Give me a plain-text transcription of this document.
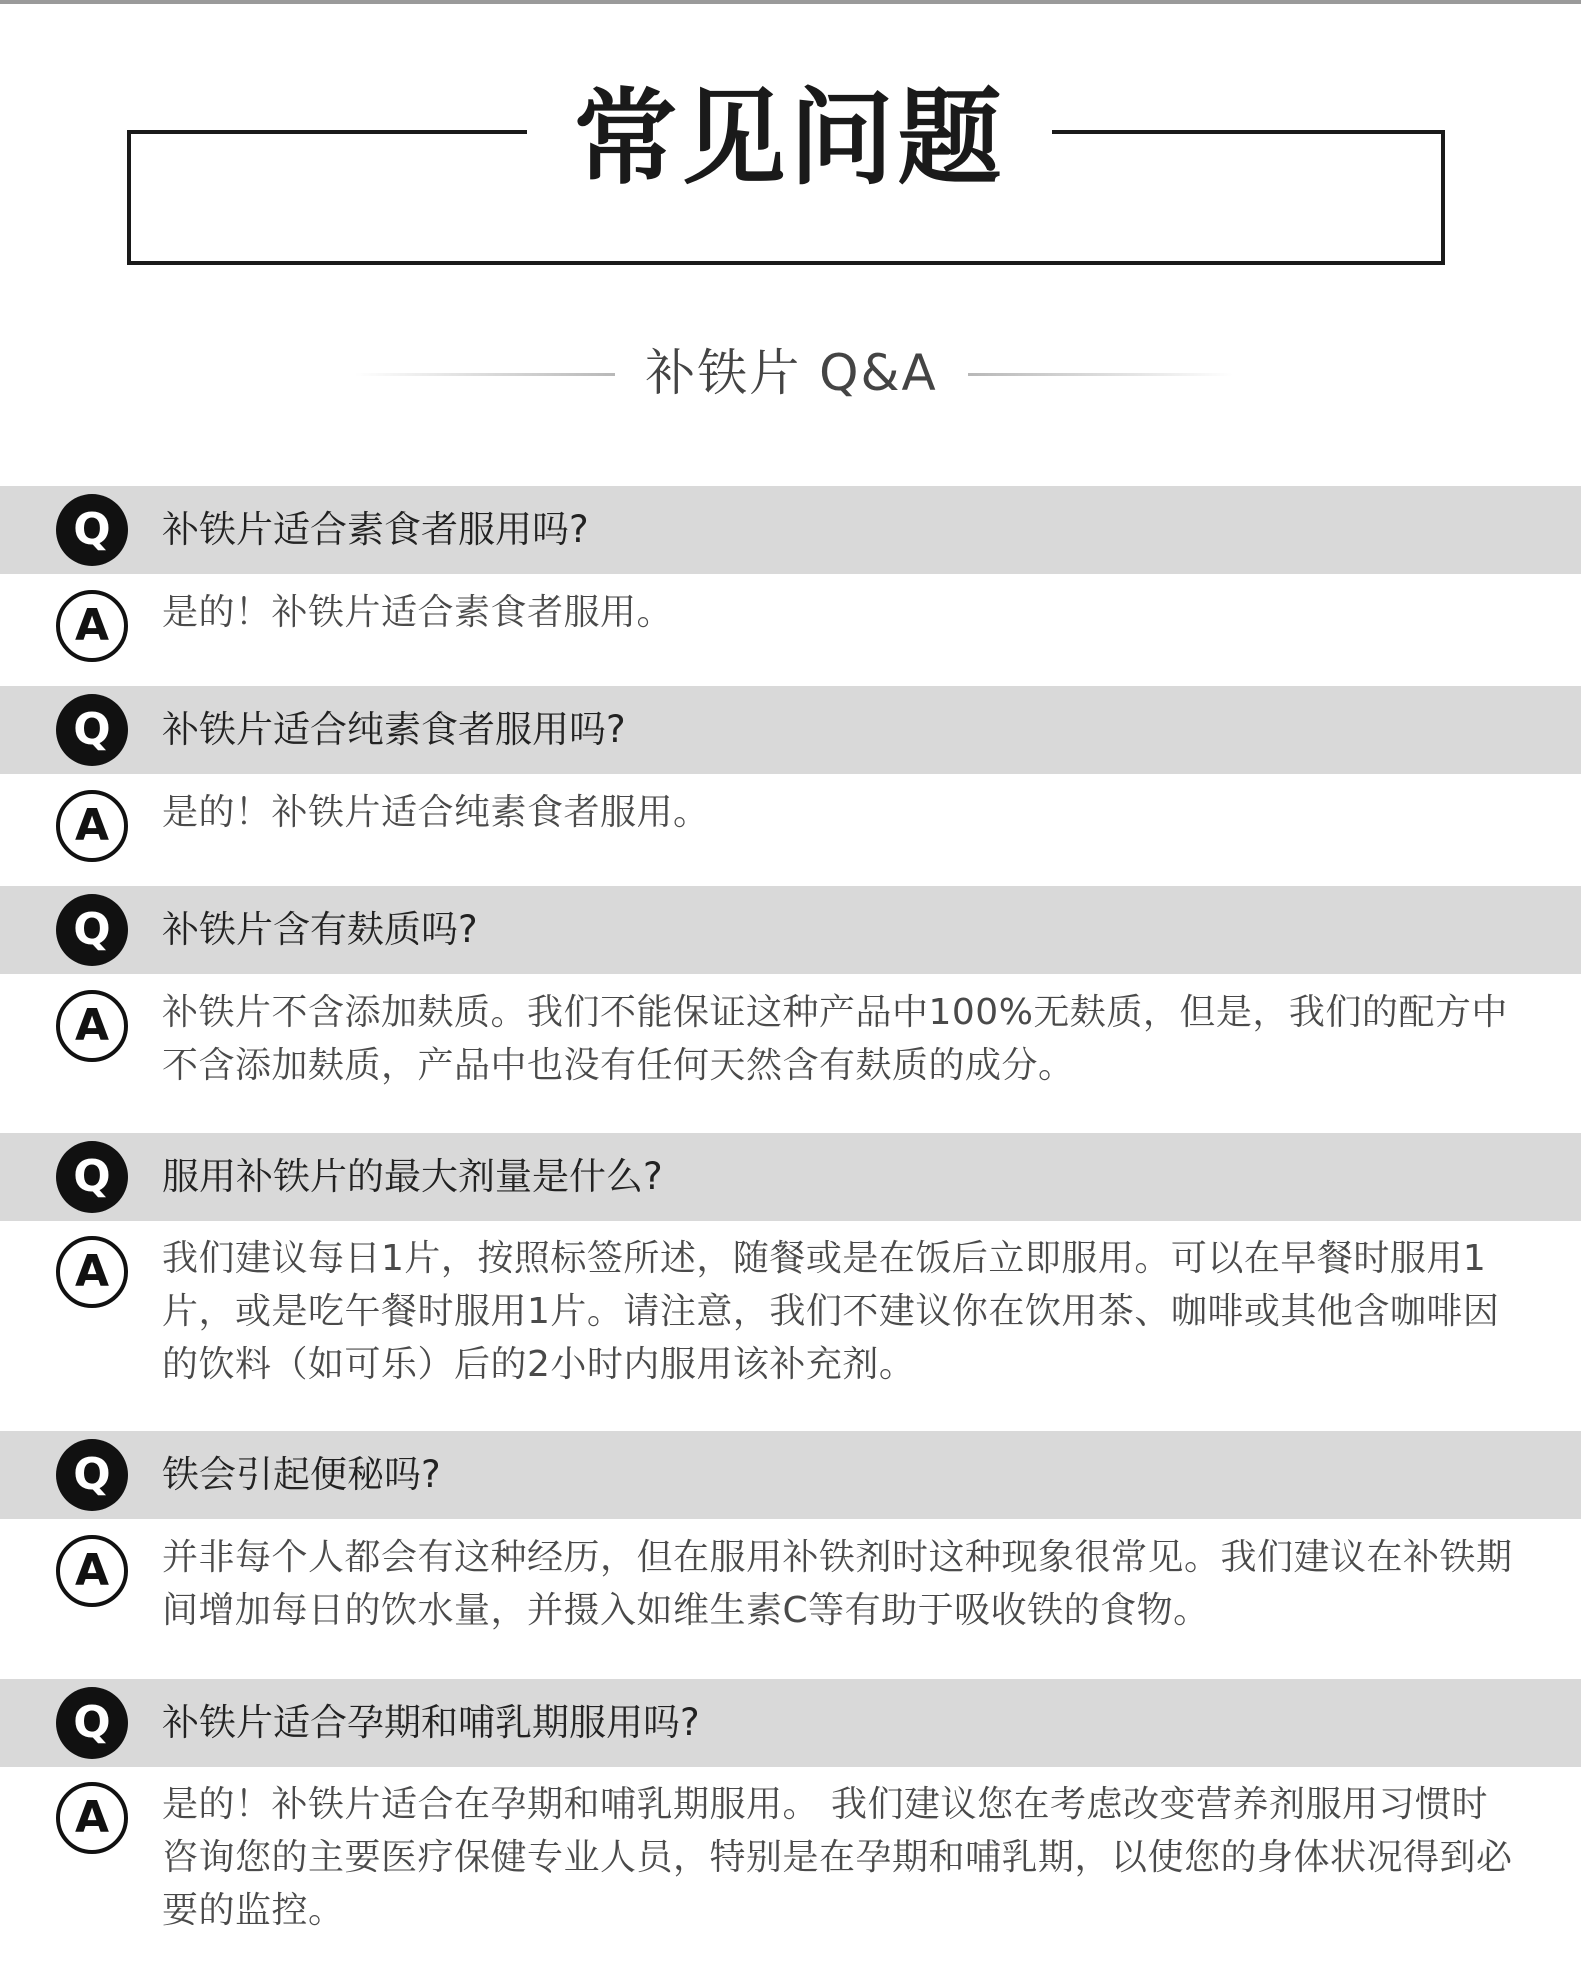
常见问题
补铁片 Q&A
Q	补铁片适合素食者服用吗?
A	是的！补铁片适合素食者服用。
Q	补铁片适合纯素食者服用吗?
A	是的！补铁片适合纯素食者服用。
Q	补铁片含有麸质吗?
A	补铁片不含添加麸质。我们不能保证这种产品中100%无麸质，但是，我们的配方中不含添加麸质，产品中也没有任何天然含有麸质的成分。
Q	服用补铁片的最大剂量是什么?
A	我们建议每日1片，按照标签所述，随餐或是在饭后立即服用。可以在早餐时服用1片，或是吃午餐时服用1片。请注意，我们不建议你在饮用茶、咖啡或其他含咖啡因的饮料（如可乐）后的2小时内服用该补充剂。
Q	铁会引起便秘吗?
A	并非每个人都会有这种经历，但在服用补铁剂时这种现象很常见。我们建议在补铁期间增加每日的饮水量，并摄入如维生素C等有助于吸收铁的食物。
Q	补铁片适合孕期和哺乳期服用吗?
A	是的！补铁片适合在孕期和哺乳期服用。 我们建议您在考虑改变营养剂服用习惯时咨询您的主要医疗保健专业人员，特别是在孕期和哺乳期，以使您的身体状况得到必要的监控。
